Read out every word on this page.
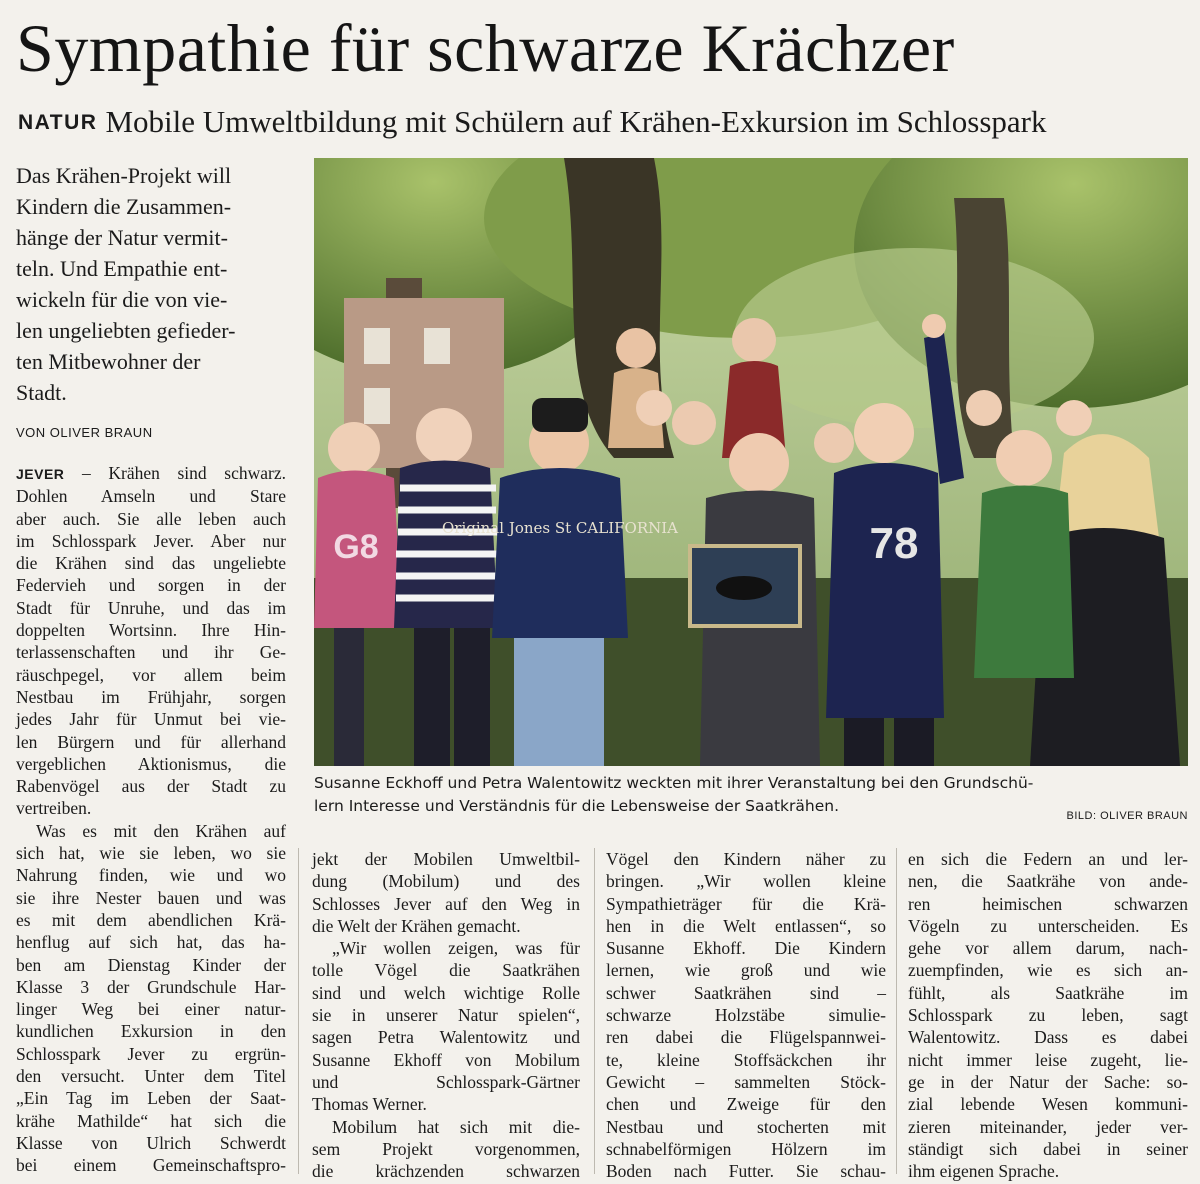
Sympathie für schwarze Krächzer
NATUR Mobile Umweltbildung mit Schülern auf Krähen-Exkursion im Schlosspark
Das Krähen-Projekt will
Kindern die Zusammen-
hänge der Natur vermit-
teln. Und Empathie ent-
wickeln für die von vie-
len ungeliebten gefieder-
ten Mitbewohner der
Stadt.
VON OLIVER BRAUN
Original Jones St CALIFORNIA	78
G8
Susanne Eckhoff und Petra Walentowitz weckten mit ihrer Veranstaltung bei den Grundschü-
lern Interesse und Verständnis für die Lebensweise der Saatkrähen.
BILD: OLIVER BRAUN
JEVER – Krähen sind schwarz.
Dohlen Amseln und Stare
aber auch. Sie alle leben auch
im Schlosspark Jever. Aber nur
die Krähen sind das ungeliebte
Federvieh und sorgen in der
Stadt für Unruhe, und das im
doppelten Wortsinn. Ihre Hin-
terlassenschaften und ihr Ge-
räuschpegel, vor allem beim
Nestbau im Frühjahr, sorgen
jedes Jahr für Unmut bei vie-
len Bürgern und für allerhand
vergeblichen Aktionismus, die
Rabenvögel aus der Stadt zu
vertreiben.
Was es mit den Krähen auf
sich hat, wie sie leben, wo sie
Nahrung finden, wie und wo
sie ihre Nester bauen und was
es mit dem abendlichen Krä-
henflug auf sich hat, das ha-
ben am Dienstag Kinder der
Klasse 3 der Grundschule Har-
linger Weg bei einer natur-
kundlichen Exkursion in den
Schlosspark Jever zu ergrün-
den versucht. Unter dem Titel
„Ein Tag im Leben der Saat-
krähe Mathilde“ hat sich die
Klasse von Ulrich Schwerdt
bei einem Gemeinschaftspro-
jekt der Mobilen Umweltbil-
dung (Mobilum) und des
Schlosses Jever auf den Weg in
die Welt der Krähen gemacht.
„Wir wollen zeigen, was für
tolle Vögel die Saatkrähen
sind und welch wichtige Rolle
sie in unserer Natur spielen“,
sagen Petra Walentowitz und
Susanne Ekhoff von Mobilum
und Schlosspark-Gärtner
Thomas Werner.
Mobilum hat sich mit die-
sem Projekt vorgenommen,
die krächzenden schwarzen
Vögel den Kindern näher zu
bringen. „Wir wollen kleine
Sympathieträger für die Krä-
hen in die Welt entlassen“, so
Susanne Ekhoff. Die Kindern
lernen, wie groß und wie
schwer Saatkrähen sind –
schwarze Holzstäbe simulie-
ren dabei die Flügelspannwei-
te, kleine Stoffsäckchen ihr
Gewicht – sammelten Stöck-
chen und Zweige für den
Nestbau und stocherten mit
schnabelförmigen Hölzern im
Boden nach Futter. Sie schau-
en sich die Federn an und ler-
nen, die Saatkrähe von ande-
ren heimischen schwarzen
Vögeln zu unterscheiden. Es
gehe vor allem darum, nach-
zuempfinden, wie es sich an-
fühlt, als Saatkrähe im
Schlosspark zu leben, sagt
Walentowitz. Dass es dabei
nicht immer leise zugeht, lie-
ge in der Natur der Sache: so-
zial lebende Wesen kommuni-
zieren miteinander, jeder ver-
ständigt sich dabei in seiner
ihm eigenen Sprache.
